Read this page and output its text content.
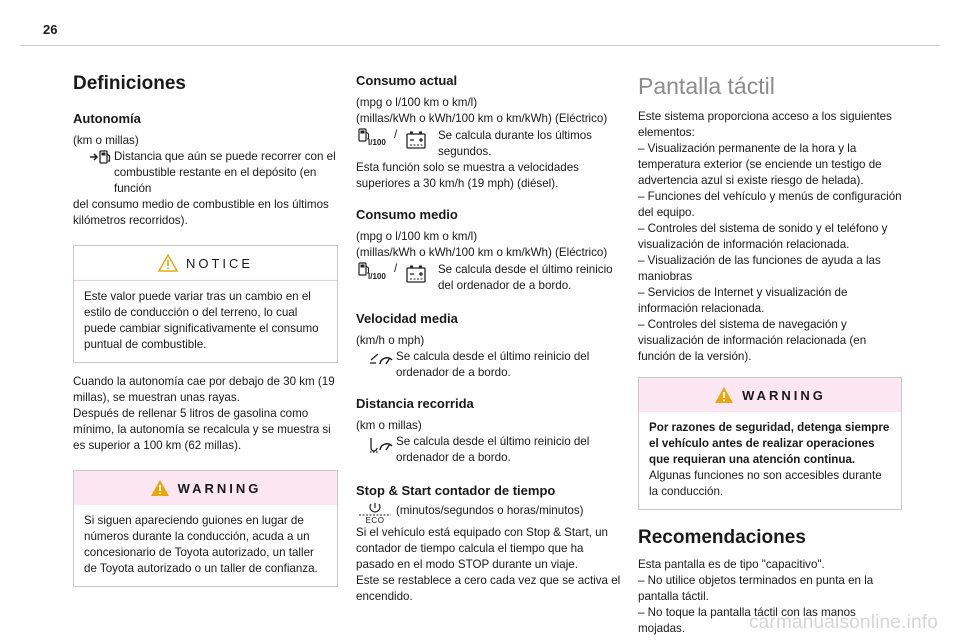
26
Definiciones
Autonomía

(km o millas)

Distancia que aún se puede recorrer con el

combustible restante en el depósito (en función

del consumo medio de combustible en los últimos kilómetros recorridos).

NOTICE

Este valor puede variar tras un cambio en el estilo de conducción o del terreno, lo cual puede cambiar significativamente el consumo puntual de combustible.

Cuando la autonomía cae por debajo de 30 km (19 millas), se muestran unas rayas.

Después de rellenar 5 litros de gasolina como mínimo, la autonomía se recalcula y se muestra si es superior a 100 km (62 millas).

WARNING

Si siguen apareciendo guiones en lugar de números durante la conducción, acuda a un concesionario de Toyota autorizado, un taller de Toyota autorizado o un taller de confianza.

Consumo actual

(mpg o l/100 km o km/l)

(millas/kWh o kWh/100 km o km/kWh) (Eléctrico)

l/100
/	Se calcula durante los últimos segundos.

Esta función solo se muestra a velocidades superiores a 30 km/h (19 mph) (diésel).

Consumo medio

(mpg o l/100 km o km/l)

(millas/kWh o kWh/100 km o km/kWh) (Eléctrico)

l/100
/	Se calcula desde el último reinicio del ordenador de a bordo.

Velocidad media

(km/h o mph)

Se calcula desde el último reinicio del ordenador de a bordo.

Distancia recorrida

(km o millas)

Se calcula desde el último reinicio del ordenador de a bordo.

Stop & Start contador de tiempo
ECO

(minutos/segundos o horas/minutos)

Si el vehículo está equipado con Stop & Start, un contador de tiempo calcula el tiempo que ha pasado en el modo STOP durante un viaje.

Este se restablece a cero cada vez que se activa el encendido.

Pantalla táctil

Este sistema proporciona acceso a los siguientes elementos:

– Visualización permanente de la hora y la temperatura exterior (se enciende un testigo de advertencia azul si existe riesgo de helada).

– Funciones del vehículo y menús de configuración del equipo.

– Controles del sistema de sonido y el teléfono y visualización de información relacionada.

– Visualización de las funciones de ayuda a las maniobras

– Servicios de Internet y visualización de información relacionada.

– Controles del sistema de navegación y visualización de información relacionada (en función de la versión).

WARNING

Por razones de seguridad, detenga siempre el vehículo antes de realizar operaciones que requieran una atención continua.

Algunas funciones no son accesibles durante la conducción.

Recomendaciones

Esta pantalla es de tipo "capacitivo".

– No utilice objetos terminados en punta en la pantalla táctil.

– No toque la pantalla táctil con las manos mojadas.	carmanualsonline.info
